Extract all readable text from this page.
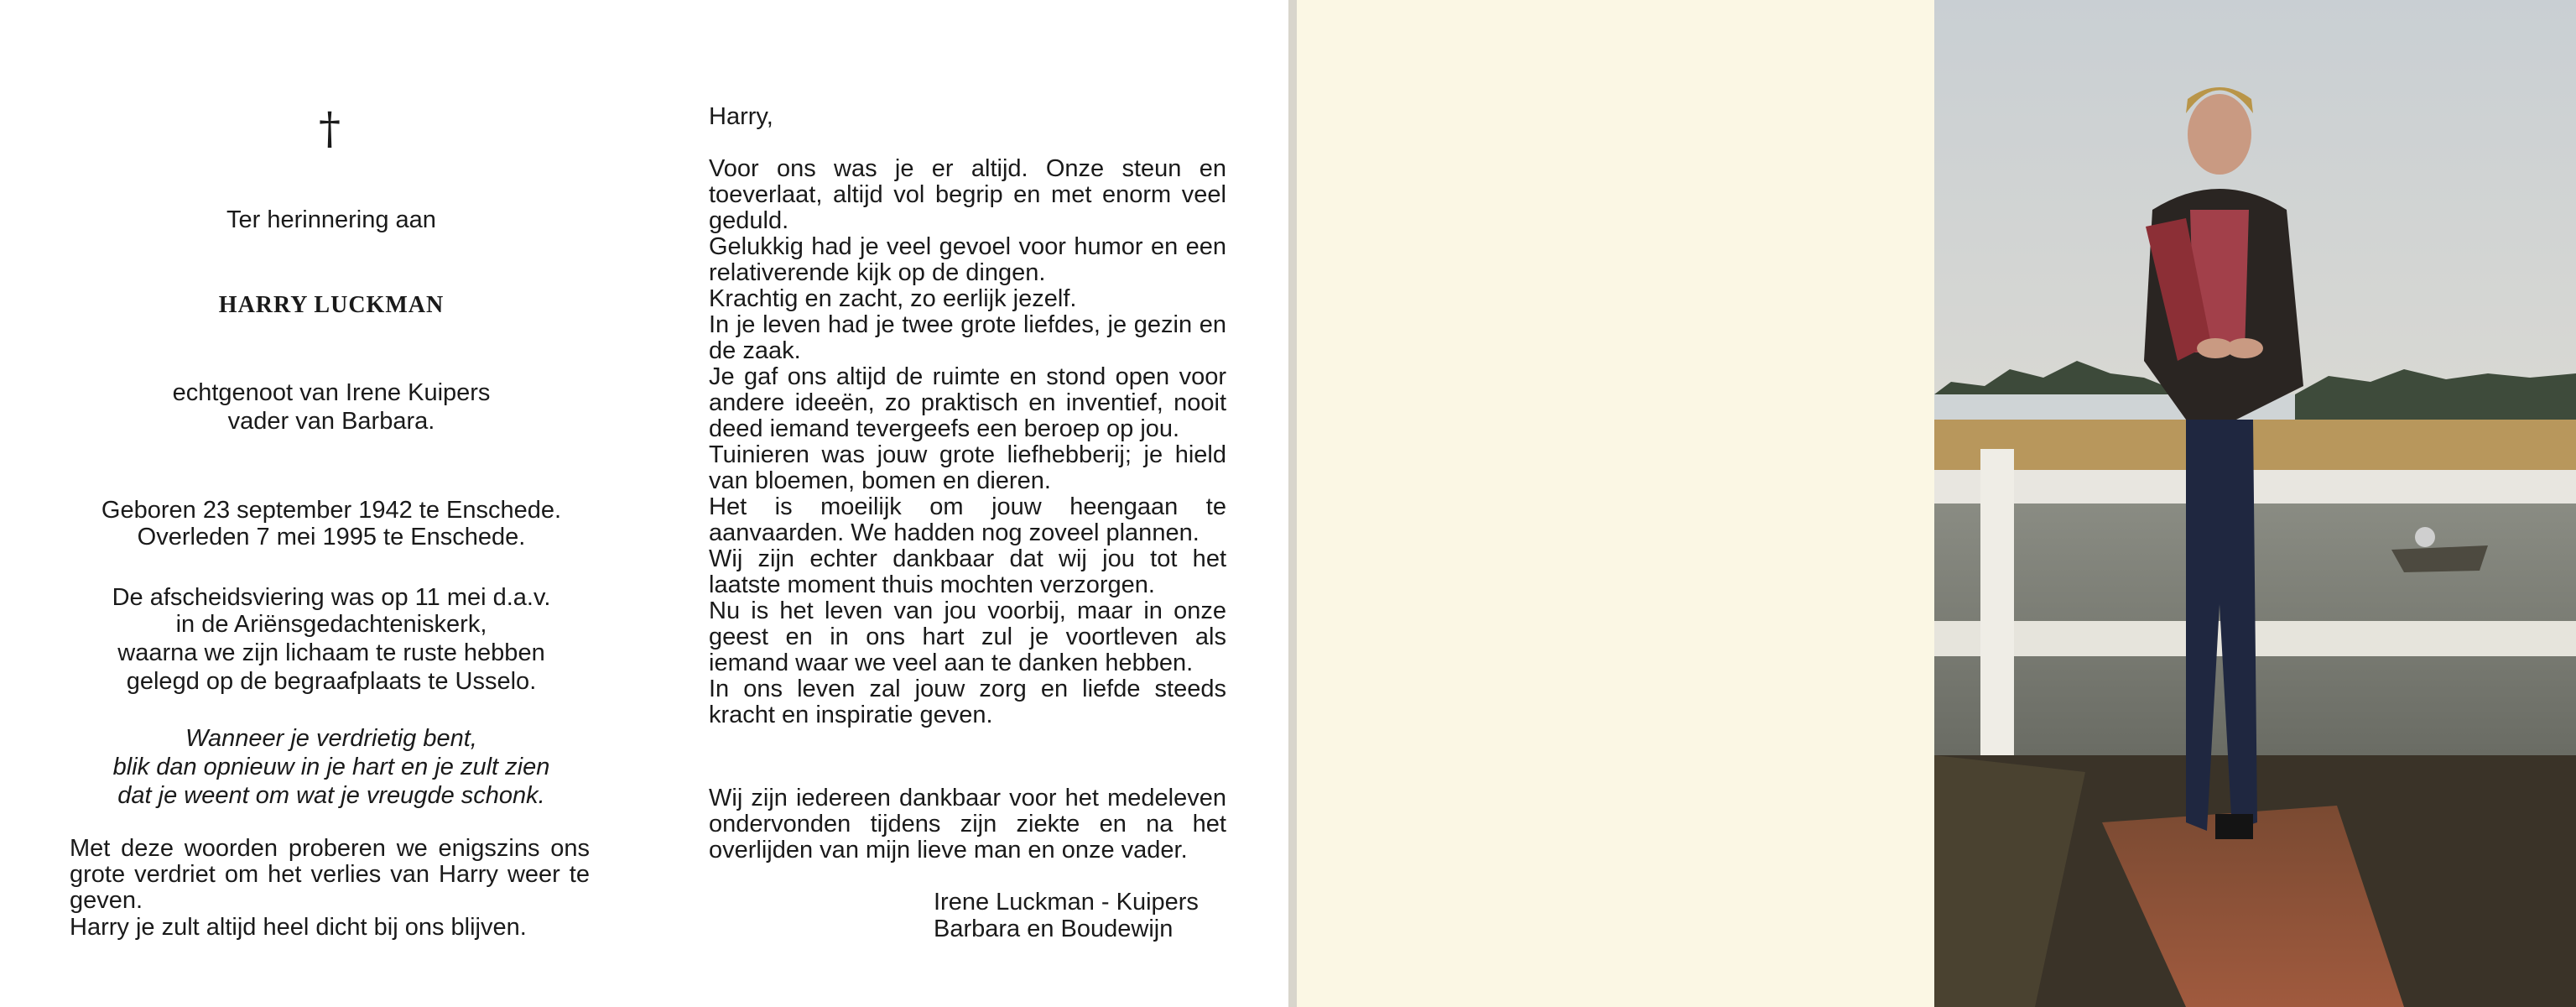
†
Ter herinnering aan
HARRY LUCKMAN
echtgenoot van Irene Kuipers
vader van Barbara.
Geboren 23 september 1942 te Enschede.
Overleden 7 mei 1995 te Enschede.
De afscheidsviering was op 11 mei d.a.v.
in de Ariënsgedachteniskerk,
waarna we zijn lichaam te ruste hebben
gelegd op de begraafplaats te Usselo.
Wanneer je verdrietig bent,
blik dan opnieuw in je hart en je zult zien
dat je weent om wat je vreugde schonk.
Met deze woorden proberen we enigszins ons grote verdriet om het verlies van Harry weer te geven.
Harry je zult altijd heel dicht bij ons blijven.
Harry,

Voor ons was je er altijd. Onze steun en toeverlaat, altijd vol begrip en met enorm veel geduld.

Gelukkig had je veel gevoel voor humor en een relativerende kijk op de dingen.

Krachtig en zacht, zo eerlijk jezelf.

In je leven had je twee grote liefdes, je gezin en de zaak.

Je gaf ons altijd de ruimte en stond open voor andere ideeën, zo praktisch en inventief, nooit deed iemand tevergeefs een beroep op jou.

Tuinieren was jouw grote liefhebberij; je hield van bloemen, bomen en dieren.

Het is moeilijk om jouw heengaan te aanvaarden. We hadden nog zoveel plannen.

Wij zijn echter dankbaar dat wij jou tot het laatste moment thuis mochten verzorgen.

Nu is het leven van jou voorbij, maar in onze geest en in ons hart zul je voortleven als iemand waar we veel aan te danken hebben.

In ons leven zal jouw zorg en liefde steeds kracht en inspiratie geven.

Wij zijn iedereen dankbaar voor het medeleven ondervonden tijdens zijn ziekte en na het overlijden van mijn lieve man en onze vader.
Irene Luckman - Kuipers
Barbara en Boudewijn
